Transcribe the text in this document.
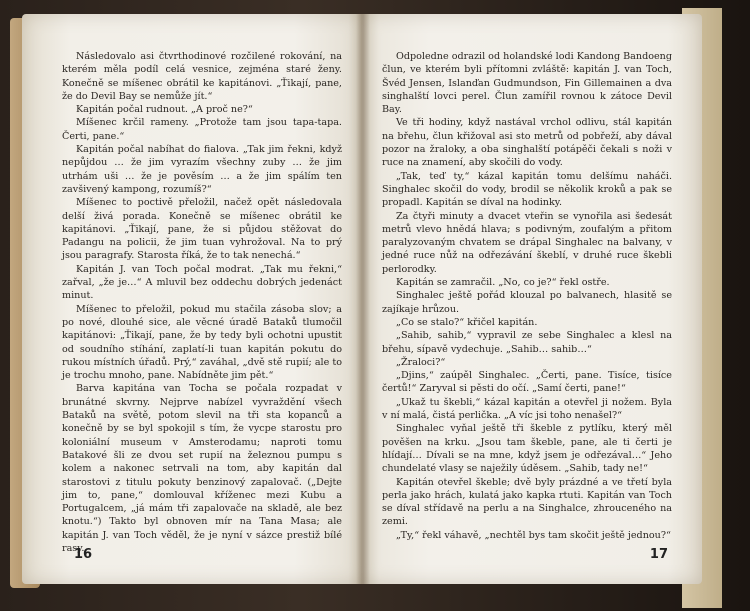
Následovalo asi čtvrthodinové rozčilené rokování, na kterém měla podíl celá vesnice, zejména staré ženy. Konečně se míšenec obrátil ke kapitánovi. „Ťikají, pane, že do Devil Bay se nemůže jít.“

Kapitán počal rudnout. „A proč ne?“

Míšenec krčil rameny. „Protože tam jsou tapa-tapa. Čerti, pane.“

Kapitán počal nabíhat do fialova. „Tak jim řekni, když nepůjdou … že jim vyrazím všechny zuby … že jim utrhám uši … že je pověsím … a že jim spálím ten zavšivený kampong, rozumíš?“

Míšenec to poctivě přeložil, načež opět následovala delší živá porada. Konečně se míšenec obrátil ke kapitánovi. „Ťikají, pane, že si půjdou stěžovat do Padangu na policii, že jim tuan vyhrožoval. Na to prý jsou paragrafy. Starosta říká, že to tak nenechá.“

Kapitán J. van Toch počal modrat. „Tak mu řekni,“ zařval, „že je…“ A mluvil bez oddechu dobrých jedenáct minut.

Míšenec to přeložil, pokud mu stačila zásoba slov; a po nové, dlouhé sice, ale věcné úradě Bataků tlumočil kapitánovi: „Ťikají, pane, že by tedy byli ochotni upustit od soudního stíhání, zaplatí-li tuan kapitán pokutu do rukou místních úřadů. Prý,“ zaváhal, „dvě stě rupií; ale to je trochu mnoho, pane. Nabídněte jim pět.“

Barva kapitána van Tocha se počala rozpadat v brunátné skvrny. Nejprve nabízel vyvraždění všech Bataků na světě, potom slevil na tři sta kopanců a konečně by se byl spokojil s tím, že vycpe starostu pro koloniální museum v Amsterodamu; naproti tomu Batakové šli ze dvou set rupií na železnou pumpu s kolem a nakonec setrvali na tom, aby kapitán dal starostovi z titulu pokuty benzinový zapalovač. („Dejte jim to, pane,“ domlouval kříženec mezi Kubu a Portugalcem, „já mám tři zapalovače na skladě, ale bez knotu.“) Takto byl obnoven mír na Tana Masa; ale kapitán J. van Toch věděl, že je nyní v sázce prestiž bílé rasy.

16

Odpoledne odrazil od holandské lodi Kandong Bandoeng člun, ve kterém byli přítomni zvláště: kapitán J. van Toch, Švéd Jensen, Islanďan Gudmundson, Fin Gillemainen a dva singhalští lovci perel. Člun zamířil rovnou k zátoce Devil Bay.

Ve tři hodiny, když nastával vrchol odlivu, stál kapitán na břehu, člun křižoval asi sto metrů od pobřeží, aby dával pozor na žraloky, a oba singhalští potápěči čekali s noži v ruce na znamení, aby skočili do vody.

„Tak, teď ty,“ kázal kapitán tomu delšímu naháči. Singhalec skočil do vody, brodil se několik kroků a pak se propadl. Kapitán se díval na hodinky.

Za čtyři minuty a dvacet vteřin se vynořila asi šedesát metrů vlevo hnědá hlava; s podivným, zoufalým a přitom paralyzovaným chvatem se drápal Singhalec na balvany, v jedné ruce nůž na odřezávání škeblí, v druhé ruce škebli perlorodky.

Kapitán se zamračil. „No, co je?“ řekl ostře.

Singhalec ještě pořád klouzal po balvanech, hlasitě se zajíkaje hrůzou.

„Co se stalo?“ křičel kapitán.

„Sahib, sahib,“ vypravil ze sebe Singhalec a klesl na břehu, sípavě vydechuje. „Sahib… sahib…“

„Žraloci?“

„Djins,“ zaúpěl Singhalec. „Čerti, pane. Tisíce, tisíce čertů!“ Zaryval si pěsti do očí. „Samí čerti, pane!“

„Ukaž tu škebli,“ kázal kapitán a otevřel ji nožem. Byla v ní malá, čistá perlička. „A víc jsi toho nenašel?“

Singhalec vyňal ještě tři škeble z pytlíku, který měl pověšen na krku. „Jsou tam škeble, pane, ale ti čerti je hlídají… Dívali se na mne, když jsem je odřezával…“ Jeho chundelaté vlasy se naježily úděsem. „Sahib, tady ne!“

Kapitán otevřel škeble; dvě byly prázdné a ve třetí byla perla jako hrách, kulatá jako kapka rtuti. Kapitán van Toch se díval střídavě na perlu a na Singhalce, zhrouceného na zemi.

„Ty,“ řekl váhavě, „nechtěl bys tam skočit ještě jednou?“

17
